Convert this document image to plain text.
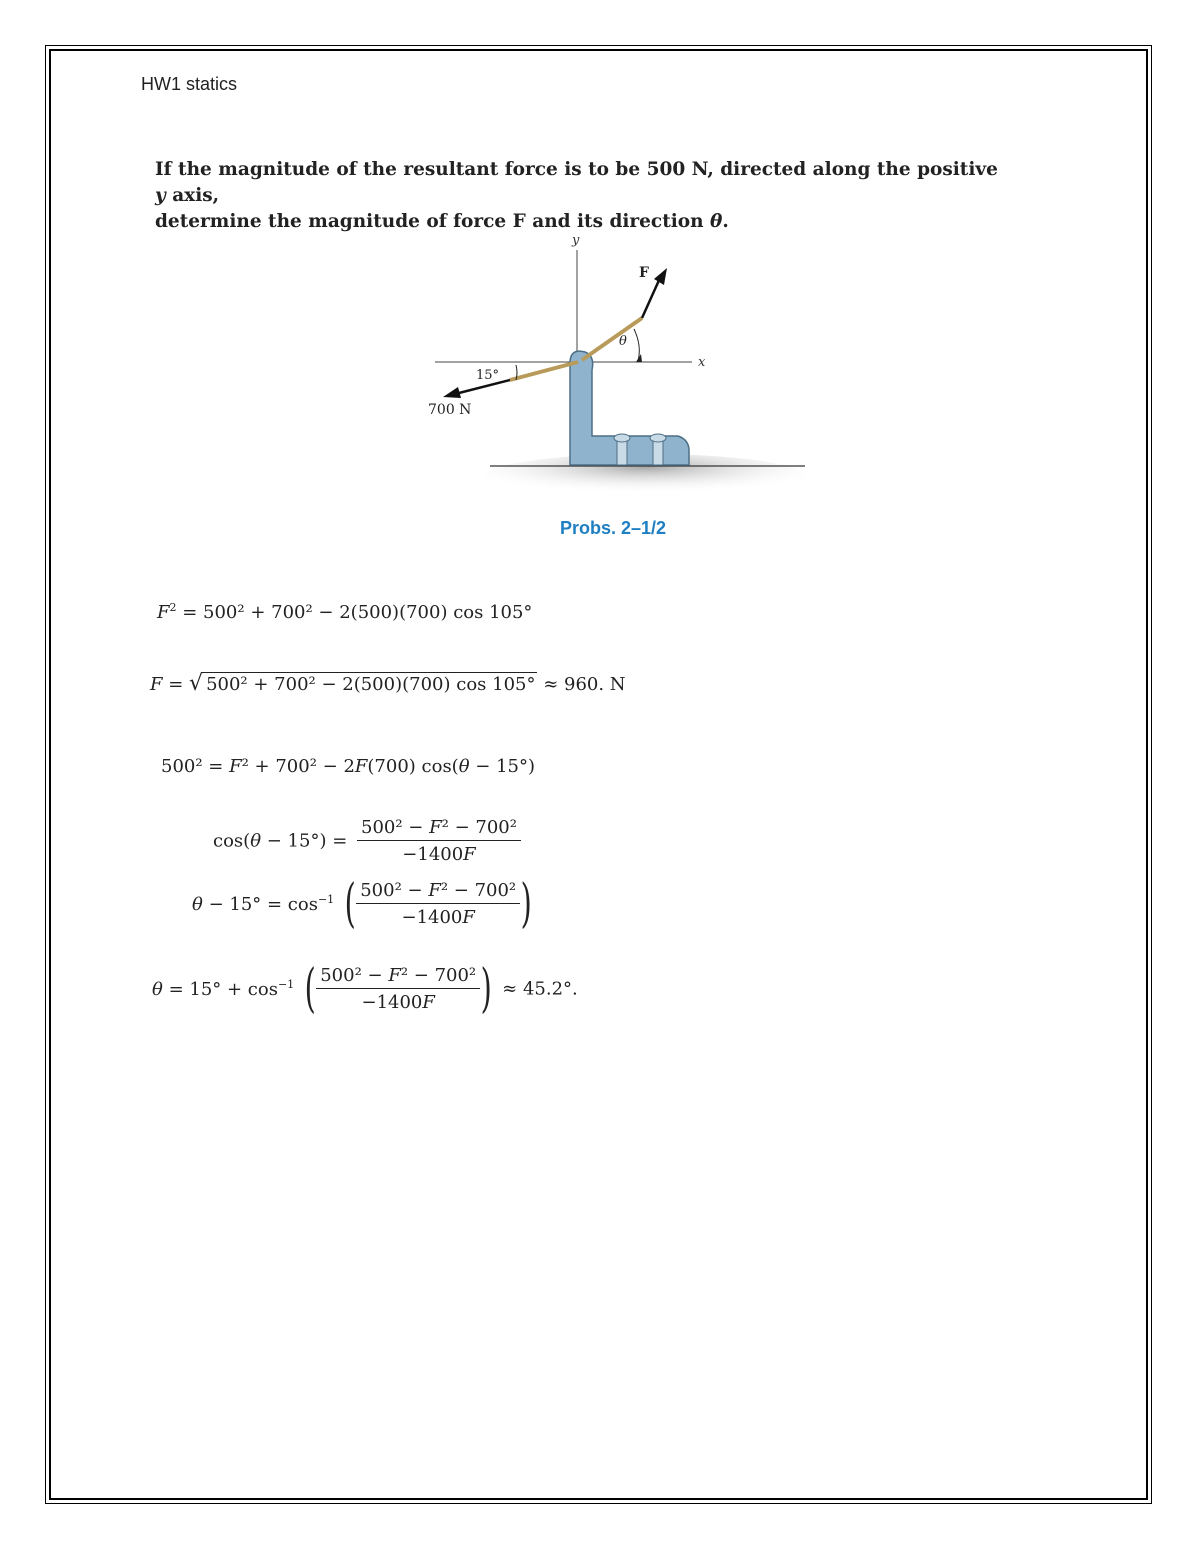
HW1 statics
If the magnitude of the resultant force is to be 500 N, directed along the positive y axis,
determine the magnitude of force F and its direction θ.
y
x
700 N
F
θ
15°
Probs. 2–1/2
$F^2 = 500^2 + 700^2 - 2(500)(700)$ cos 105°
F = √ 500² + 700² − 2(500)(700) cos 105° ≈ 960. N
500² = F² + 700² − 2F(700) cos(θ − 15°)
$\cos(\theta - 15^\circ) = \frac{\text{500² − F² − 700²}}{-1400F}$
$\theta - 15^\circ = \cos^{-1}$ ( $\frac{\text{500² − F² − 700²}}{-1400F}$ )
$\theta = 15^\circ + \cos^{-1}$ ( $\frac{\text{500² − F² − 700²}}{-1400F}$ ) ≈ 45.2°.
